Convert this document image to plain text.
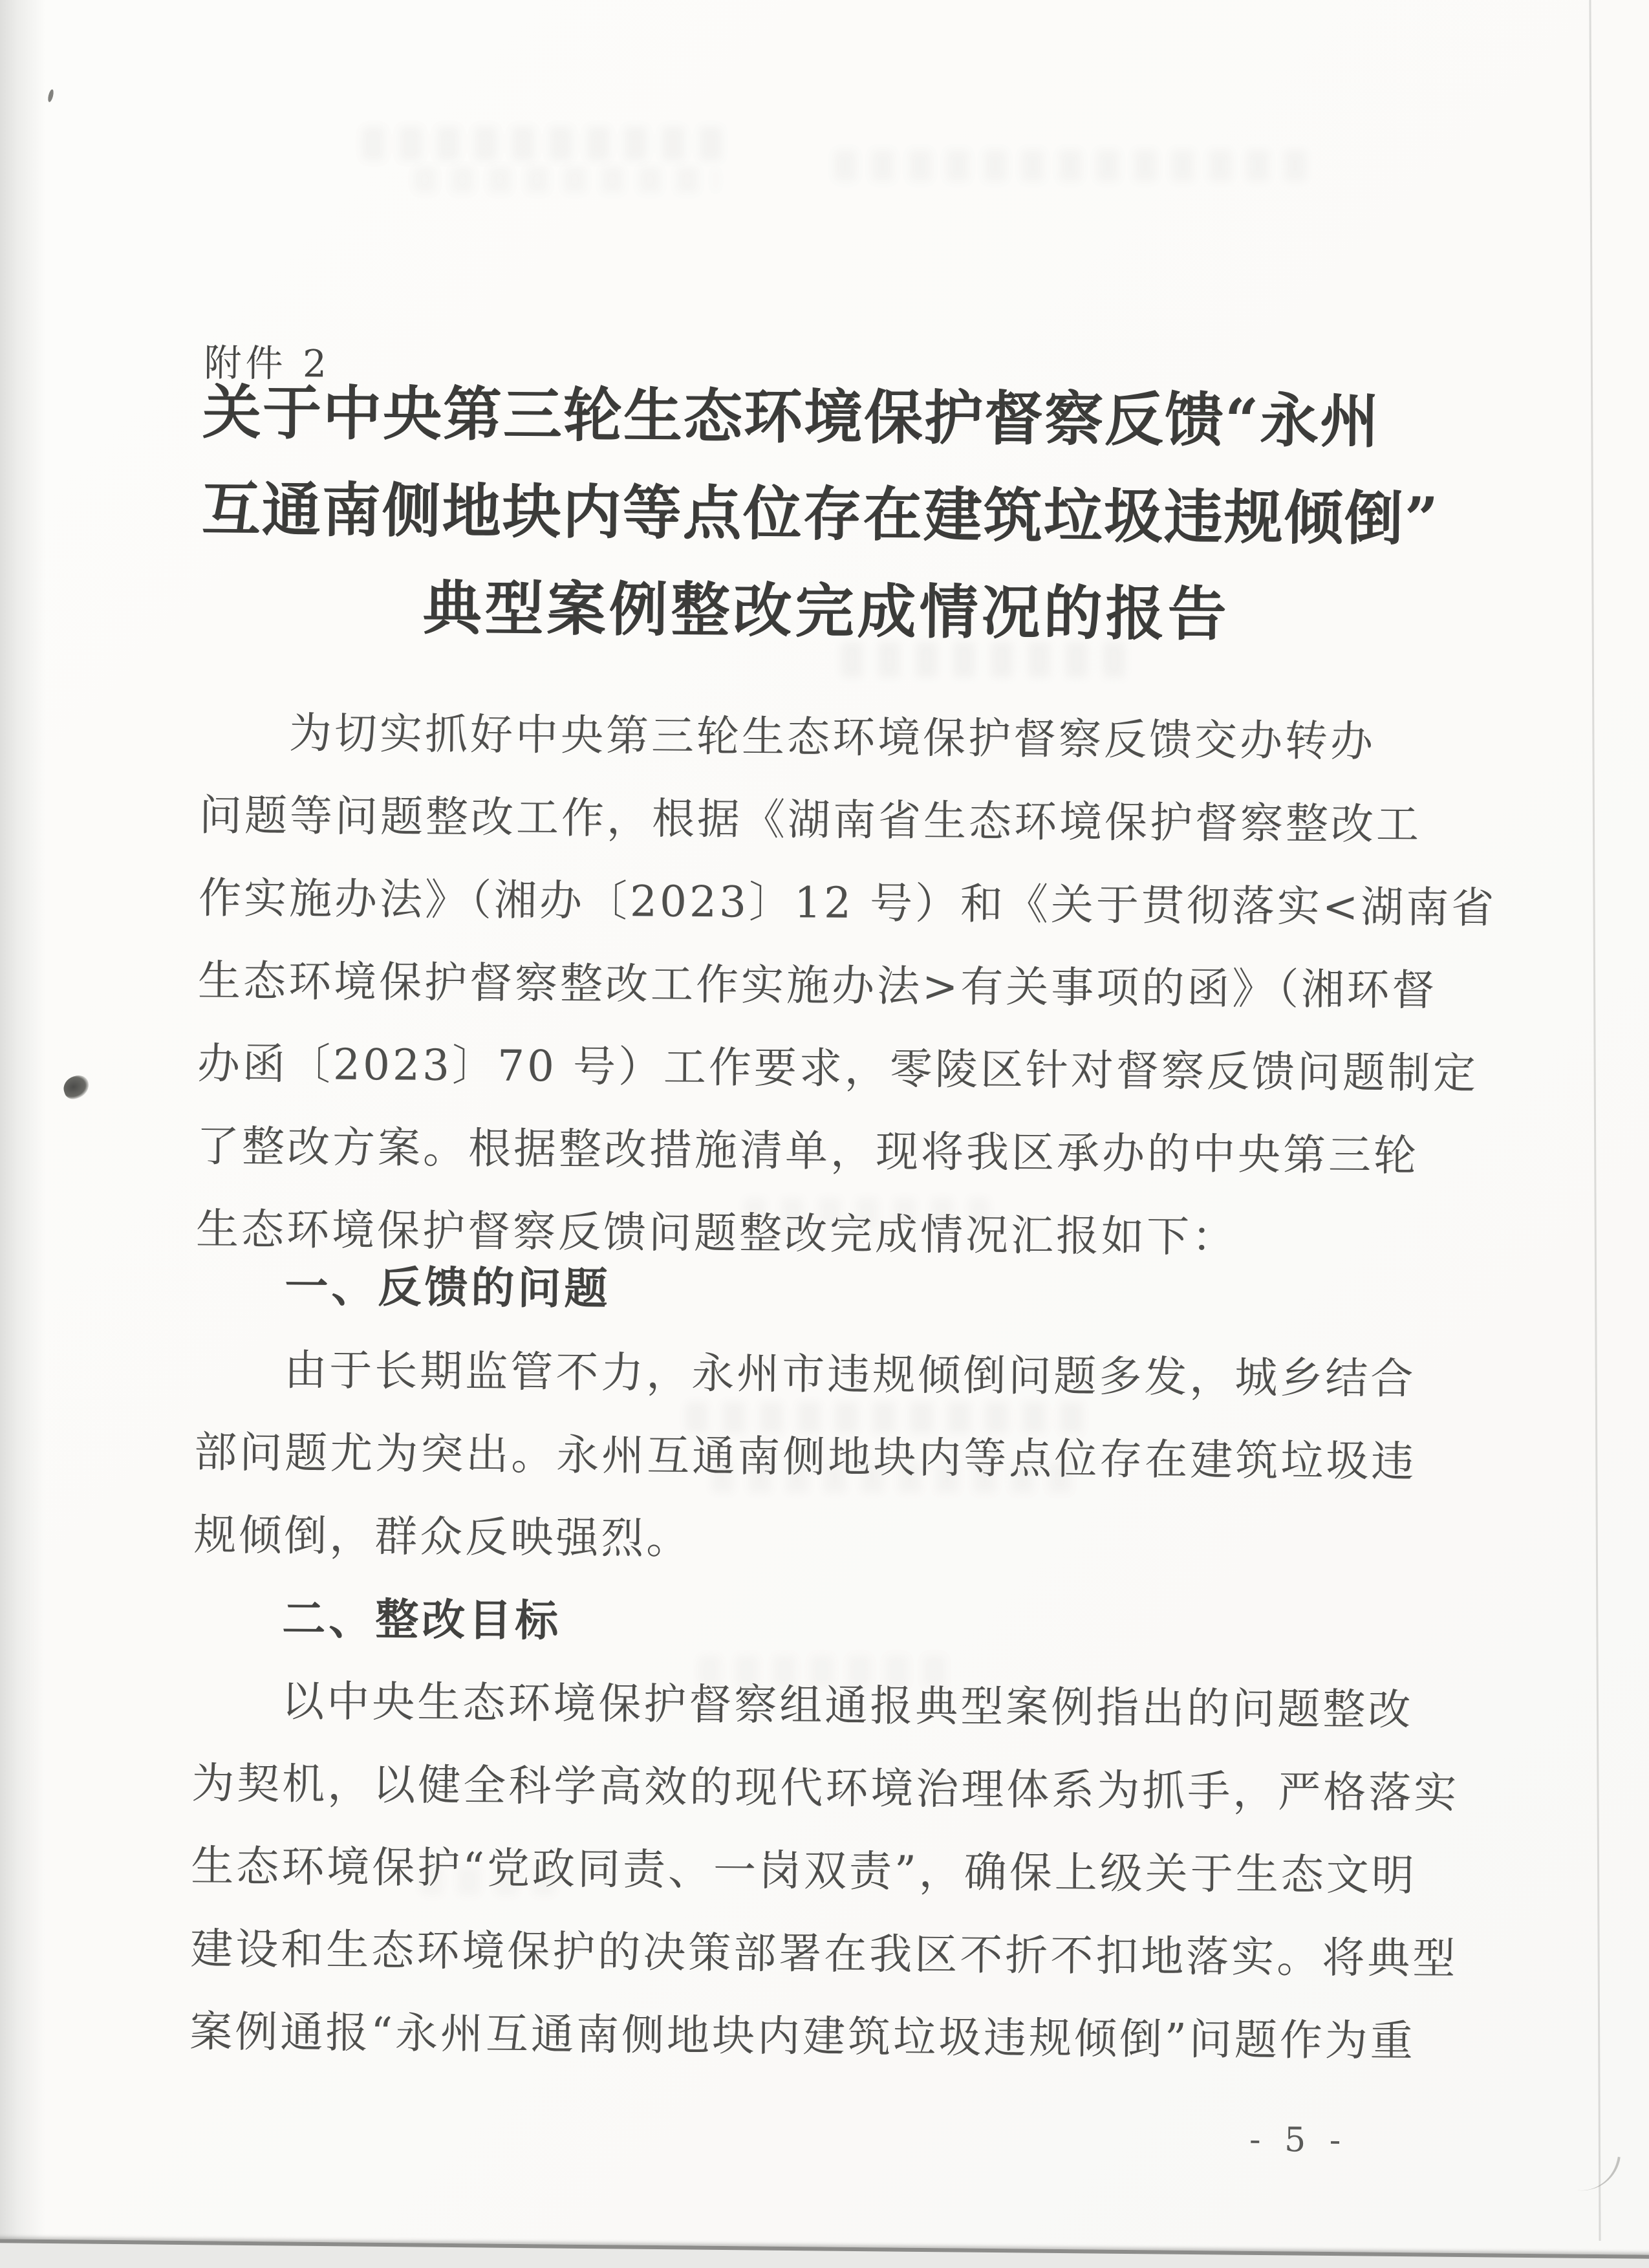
附件 2
关于中央第三轮生态环境保护督察反馈“永州
互通南侧地块内等点位存在建筑垃圾违规倾倒”
典型案例整改完成情况的报告
为切实抓好中央第三轮生态环境保护督察反馈交办转办
问题等问题整改工作，根据《湖南省生态环境保护督察整改工
作实施办法》（湘办〔2023〕12 号）和《关于贯彻落实<湖南省
生态环境保护督察整改工作实施办法>有关事项的函》（湘环督
办函〔2023〕70 号）工作要求，零陵区针对督察反馈问题制定
了整改方案。根据整改措施清单，现将我区承办的中央第三轮
生态环境保护督察反馈问题整改完成情况汇报如下：
一、反馈的问题
由于长期监管不力，永州市违规倾倒问题多发，城乡结合
部问题尤为突出。永州互通南侧地块内等点位存在建筑垃圾违
规倾倒，群众反映强烈。
二、整改目标
以中央生态环境保护督察组通报典型案例指出的问题整改
为契机，以健全科学高效的现代环境治理体系为抓手，严格落实
生态环境保护“党政同责、一岗双责”，确保上级关于生态文明
建设和生态环境保护的决策部署在我区不折不扣地落实。将典型
案例通报“永州互通南侧地块内建筑垃圾违规倾倒”问题作为重
- 5 -
